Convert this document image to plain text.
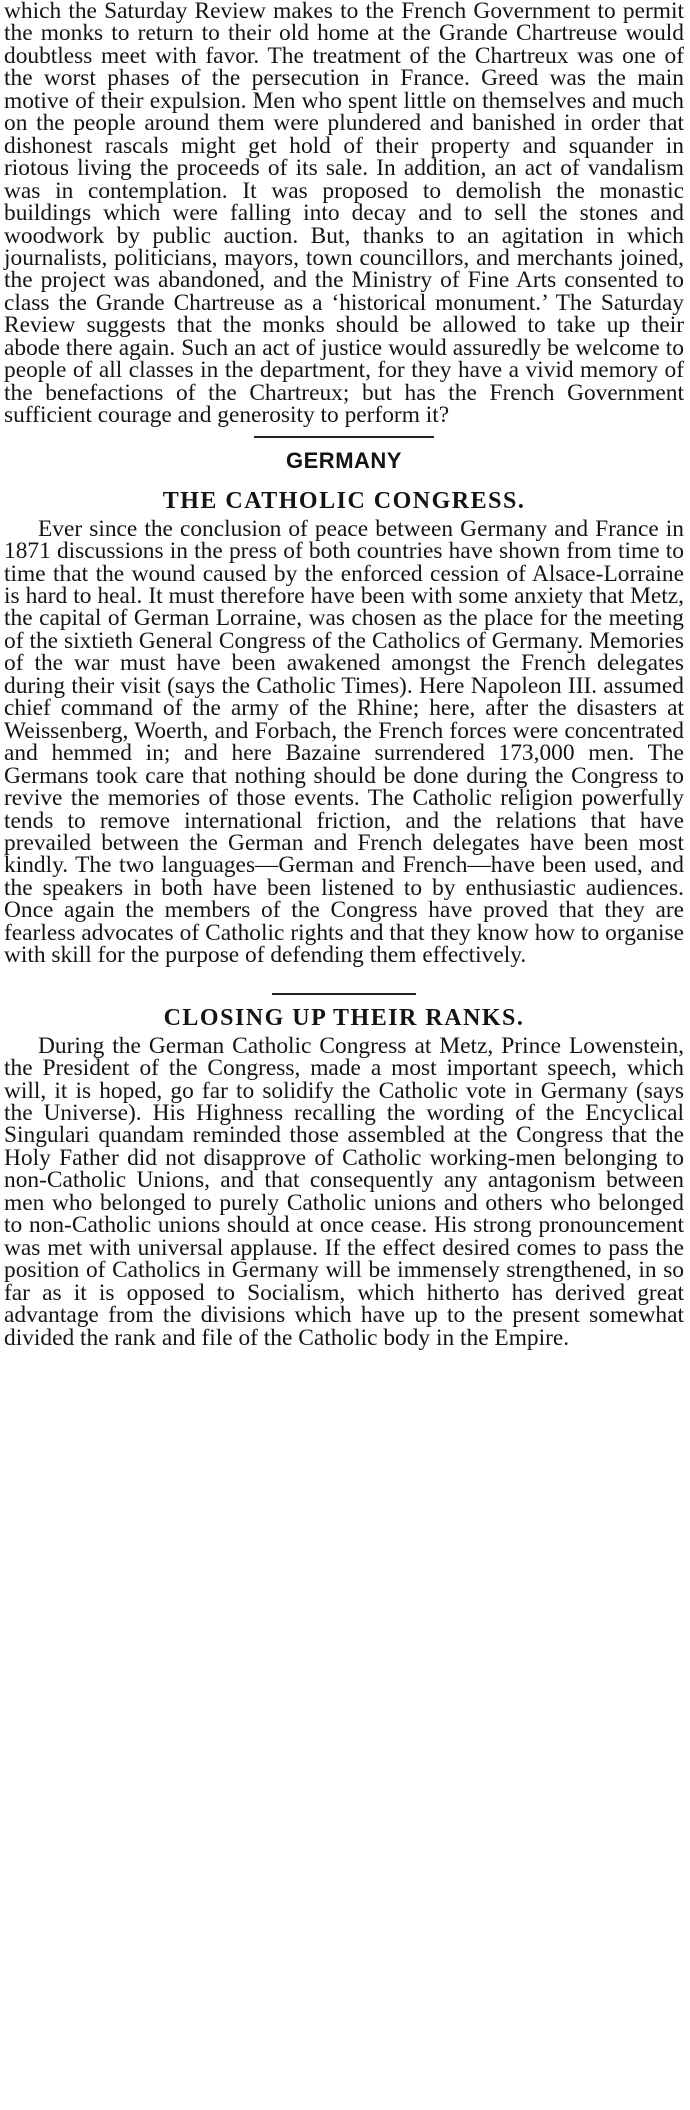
which the Saturday Review makes to the French Government to permit the monks to return to their old home at the Grande Chartreuse would doubtless meet with favor. The treatment of the Chartreux was one of the worst phases of the persecution in France. Greed was the main motive of their expulsion. Men who spent little on themselves and much on the people around them were plundered and banished in order that dishonest rascals might get hold of their property and squander in riotous living the proceeds of its sale. In addition, an act of vandalism was in contemplation. It was proposed to demolish the monastic buildings which were falling into decay and to sell the stones and woodwork by public auction. But, thanks to an agitation in which journalists, politicians, mayors, town councillors, and merchants joined, the project was abandoned, and the Ministry of Fine Arts consented to class the Grande Chartreuse as a ‘historical monument.’ The Saturday Review suggests that the monks should be allowed to take up their abode there again. Such an act of justice would assuredly be welcome to people of all classes in the department, for they have a vivid memory of the benefactions of the Chartreux; but has the French Government sufficient courage and generosity to perform it?

GERMANY
THE CATHOLIC CONGRESS.

Ever since the conclusion of peace between Germany and France in 1871 discussions in the press of both countries have shown from time to time that the wound caused by the enforced cession of Alsace-Lorraine is hard to heal. It must therefore have been with some anxiety that Metz, the capital of German Lorraine, was chosen as the place for the meeting of the sixtieth General Congress of the Catholics of Germany. Memories of the war must have been awakened amongst the French delegates during their visit (says the Catholic Times). Here Napoleon III. assumed chief command of the army of the Rhine; here, after the disasters at Weissenberg, Woerth, and Forbach, the French forces were concentrated and hemmed in; and here Bazaine surrendered 173,000 men. The Germans took care that nothing should be done during the Congress to revive the memories of those events. The Catholic religion powerfully tends to remove international friction, and the relations that have prevailed between the German and French delegates have been most kindly. The two languages—German and French—have been used, and the speakers in both have been listened to by enthusiastic audiences. Once again the members of the Congress have proved that they are fearless advocates of Catholic rights and that they know how to organise with skill for the purpose of defending them effectively.

CLOSING UP THEIR RANKS.

During the German Catholic Congress at Metz, Prince Lowenstein, the President of the Congress, made a most important speech, which will, it is hoped, go far to solidify the Catholic vote in Germany (says the Universe). His Highness recalling the wording of the Encyclical Singulari quandam reminded those assembled at the Congress that the Holy Father did not disapprove of Catholic working-men belonging to non-Catholic Unions, and that consequently any antagonism between men who belonged to purely Catholic unions and others who belonged to non-Catholic unions should at once cease. His strong pronouncement was met with universal applause. If the effect desired comes to pass the position of Catholics in Germany will be immensely strengthened, in so far as it is opposed to Socialism, which hitherto has derived great advantage from the divisions which have up to the present somewhat divided the rank and file of the Catholic body in the Empire.
